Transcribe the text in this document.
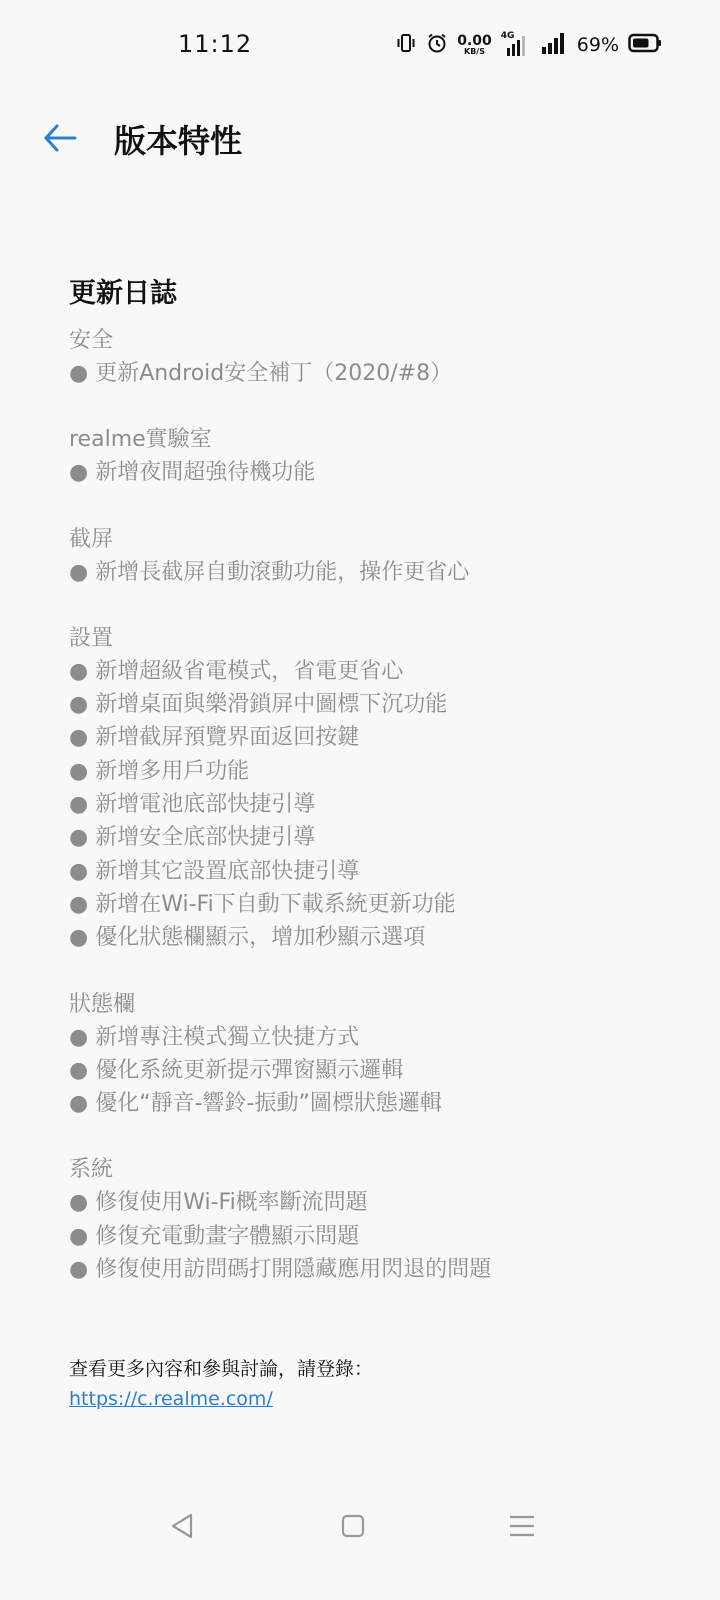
11:12	0.00
KB/S
4G	69%
版本特性
更新日誌
安全
● 更新Android安全補丁（2020/#8）
realme實驗室
● 新增夜間超強待機功能
截屏
● 新增長截屏自動滾動功能，操作更省心
設置
● 新增超級省電模式，省電更省心
● 新增桌面與樂滑鎖屏中圖標下沉功能
● 新增截屏預覽界面返回按鍵
● 新增多用戶功能
● 新增電池底部快捷引導
● 新增安全底部快捷引導
● 新增其它設置底部快捷引導
● 新增在Wi-Fi下自動下載系統更新功能
● 優化狀態欄顯示，增加秒顯示選項
狀態欄
● 新增專注模式獨立快捷方式
● 優化系統更新提示彈窗顯示邏輯
● 優化“靜音-響鈴-振動”圖標狀態邏輯
系統
● 修復使用Wi-Fi概率斷流問題
● 修復充電動畫字體顯示問題
● 修復使用訪問碼打開隱藏應用閃退的問題
查看更多內容和參與討論，請登錄：
https://c.realme.com/
